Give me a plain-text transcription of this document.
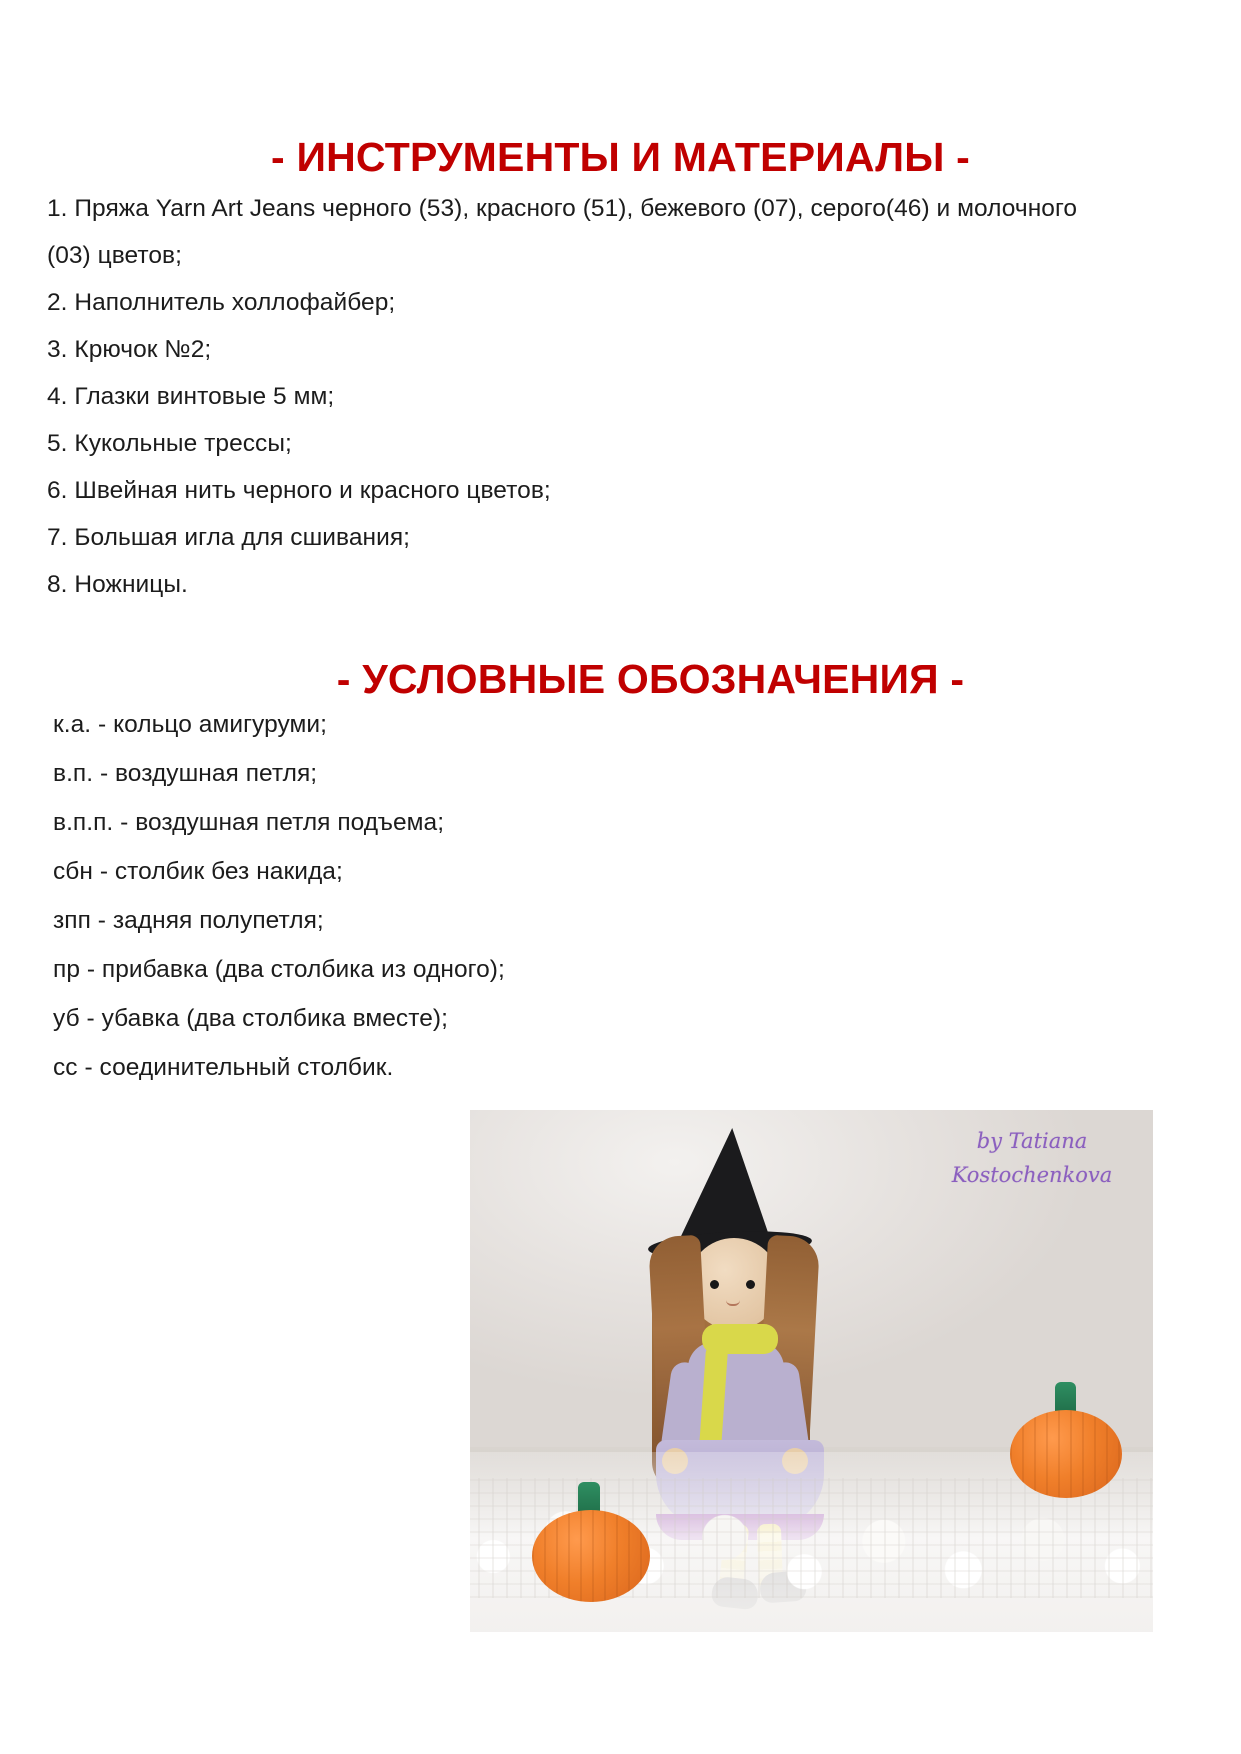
- ИНСТРУМЕНТЫ И МАТЕРИАЛЫ -
1. Пряжа Yarn Art Jeans черного (53), красного (51), бежевого (07), серого(46) и молочного
(03) цветов;
2. Наполнитель холлофайбер;
3. Крючок №2;
4. Глазки винтовые 5 мм;
5. Кукольные трессы;
6. Швейная нить черного и красного цветов;
7. Большая игла для сшивания;
8. Ножницы.
- УСЛОВНЫЕ ОБОЗНАЧЕНИЯ -
к.а. - кольцо амигуруми;
в.п. - воздушная петля;
в.п.п. - воздушная петля подъема;
сбн - столбик без накида;
зпп - задняя полупетля;
пр - прибавка (два столбика из одного);
уб - убавка (два столбика вместе);
сс - соединительный столбик.
by Tatiana
Kostochenkova
